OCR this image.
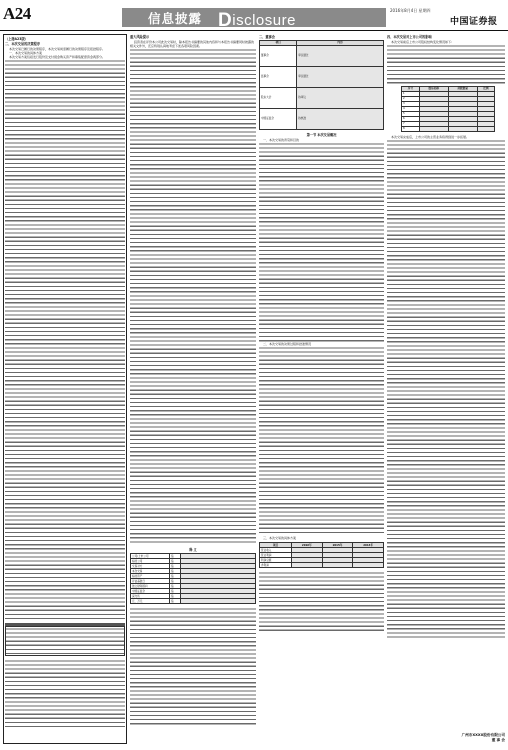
A24	信息披露 Disclosure
2016年8月4日 星期四
中国证券报
（上接A23版）
二、本次交易的决策程序

本次交易已履行的决策程序，本次交易尚需履行的决策程序及报批程序。

一、本次交易的具体方案

本次交易方案包括发行股份及支付现金购买资产和募集配套资金两部分。

重大风险提示

投资者在评价本公司此次交易时，除本报告书摘要的其他内容和与本报告书摘要同时披露的相关文件外，还应特别认真地考虑下述各项风险因素。

释 义
公司/上市公司	指	
标的公司	指	
交易对方	指	
本次交易	指	
标的资产	指	
评估基准日	指	
独立财务顾问	指	
中国证监会	指	
深交所	指	
元、万元	指	
二、董事会
项目	内容
董事会	审议通过
监事会	审议通过
股东大会	待审议
中国证监会	待核准
第一节 本次交易概况

一、本次交易的背景和目的

二、本次交易的决策过程和批准情况

三、本次交易的具体方案

项目	2016年	2015年	2014年
营业收入			
营业利润			
利润总额			
净利润			
四、本次交易对上市公司的影响

本次交易前后上市公司股权结构变化情况如下：

序号	股东名称	持股数量	比例
1			
2			
3			
4			
5			
6			
7			
8			

本次交易完成后，上市公司的主营业务将得到进一步拓展。

广州市XXXX股份有限公司
董 事 会
